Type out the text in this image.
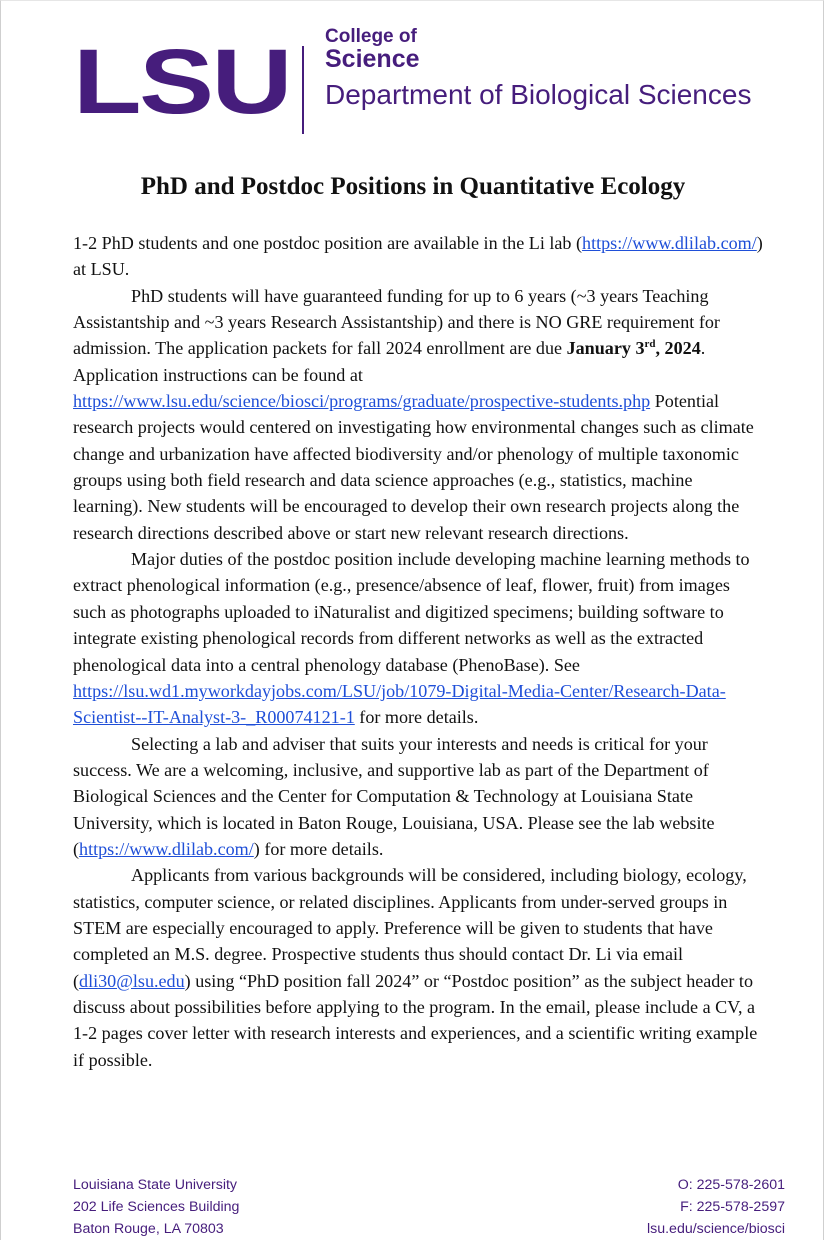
LSU College of
Science
Department of Biological Sciences
PhD and Postdoc Positions in Quantitative Ecology

1-2 PhD students and one postdoc position are available in the Li lab (https://www.dlilab.com/) at LSU.

PhD students will have guaranteed funding for up to 6 years (~3 years Teaching Assistantship and ~3 years Research Assistantship) and there is NO GRE requirement for admission. The application packets for fall 2024 enrollment are due January 3rd, 2024. Application instructions can be found at https://www.lsu.edu/science/biosci/programs/graduate/prospective-students.php Potential research projects would centered on investigating how environmental changes such as climate change and urbanization have affected biodiversity and/or phenology of multiple taxonomic groups using both field research and data science approaches (e.g., statistics, machine learning). New students will be encouraged to develop their own research projects along the research directions described above or start new relevant research directions.

Major duties of the postdoc position include developing machine learning methods to extract phenological information (e.g., presence/absence of leaf, flower, fruit) from images such as photographs uploaded to iNaturalist and digitized specimens; building software to integrate existing phenological records from different networks as well as the extracted phenological data into a central phenology database (PhenoBase). See https://lsu.wd1.myworkdayjobs.com/LSU/job/1079-Digital-Media-Center/Research-Data-Scientist--IT-Analyst-3-_R00074121-1 for more details.

Selecting a lab and adviser that suits your interests and needs is critical for your success. We are a welcoming, inclusive, and supportive lab as part of the Department of Biological Sciences and the Center for Computation & Technology at Louisiana State University, which is located in Baton Rouge, Louisiana, USA. Please see the lab website (https://www.dlilab.com/) for more details.

Applicants from various backgrounds will be considered, including biology, ecology, statistics, computer science, or related disciplines. Applicants from under-served groups in STEM are especially encouraged to apply. Preference will be given to students that have completed an M.S. degree. Prospective students thus should contact Dr. Li via email (dli30@lsu.edu) using “PhD position fall 2024” or “Postdoc position” as the subject header to discuss about possibilities before applying to the program. In the email, please include a CV, a 1-2 pages cover letter with research interests and experiences, and a scientific writing example if possible.

Louisiana State University
202 Life Sciences Building
Baton Rouge, LA 70803
O: 225-578-2601
F: 225-578-2597
lsu.edu/science/biosci
